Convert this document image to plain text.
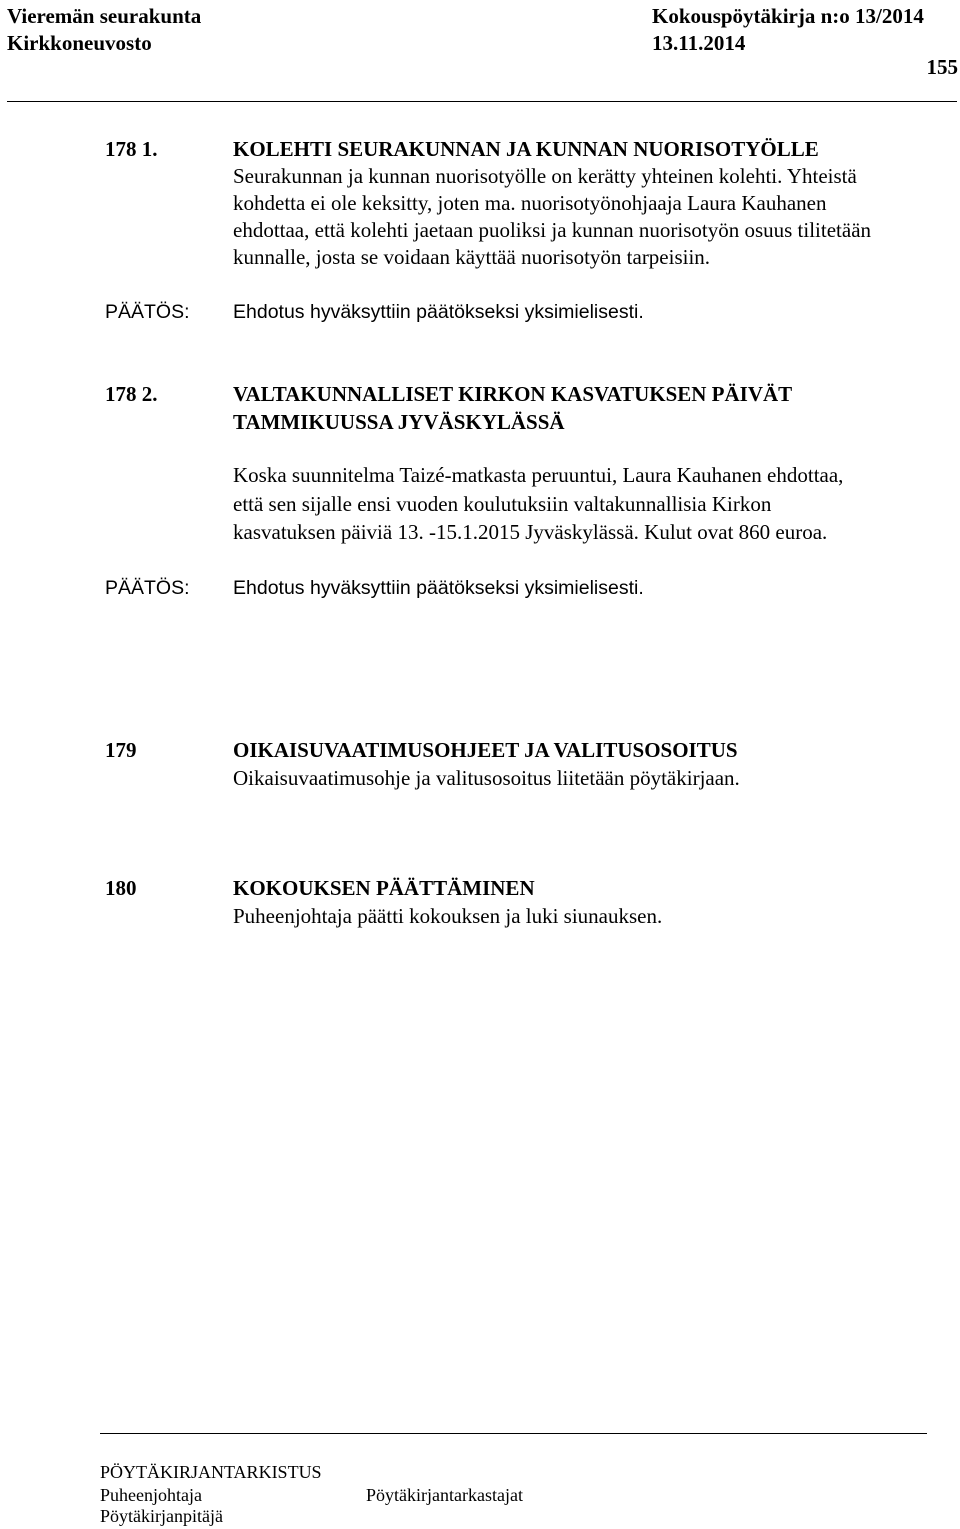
Vieremän seurakunta
Kirkkoneuvosto
Kokouspöytäkirja n:o 13/2014
13.11.2014
155
178 1.	KOLEHTI SEURAKUNNAN JA KUNNAN NUORISOTYÖLLE
Seurakunnan ja kunnan nuorisotyölle on kerätty yhteinen kolehti. Yhteistä
kohdetta ei ole keksitty, joten ma. nuorisotyönohjaaja Laura Kauhanen
ehdottaa, että kolehti jaetaan puoliksi ja kunnan nuorisotyön osuus tilitetään
kunnalle, josta se voidaan käyttää nuorisotyön tarpeisiin.
PÄÄTÖS: Ehdotus hyväksyttiin päätökseksi yksimielisesti.
178 2.	VALTAKUNNALLISET KIRKON KASVATUKSEN PÄIVÄT
TAMMIKUUSSA JYVÄSKYLÄSSÄ
Koska suunnitelma Taizé-matkasta peruuntui, Laura Kauhanen ehdottaa,
että sen sijalle ensi vuoden koulutuksiin valtakunnallisia Kirkon
kasvatuksen päiviä 13. -15.1.2015 Jyväskylässä. Kulut ovat 860 euroa.
PÄÄTÖS: Ehdotus hyväksyttiin päätökseksi yksimielisesti.
179	OIKAISUVAATIMUSOHJEET JA VALITUSOSOITUS
Oikaisuvaatimusohje ja valitusosoitus liitetään pöytäkirjaan.
180	KOKOUKSEN PÄÄTTÄMINEN
Puheenjohtaja päätti kokouksen ja luki siunauksen.
PÖYTÄKIRJANTARKISTUS
Puheenjohtaja	Pöytäkirjantarkastajat
Pöytäkirjanpitäjä
